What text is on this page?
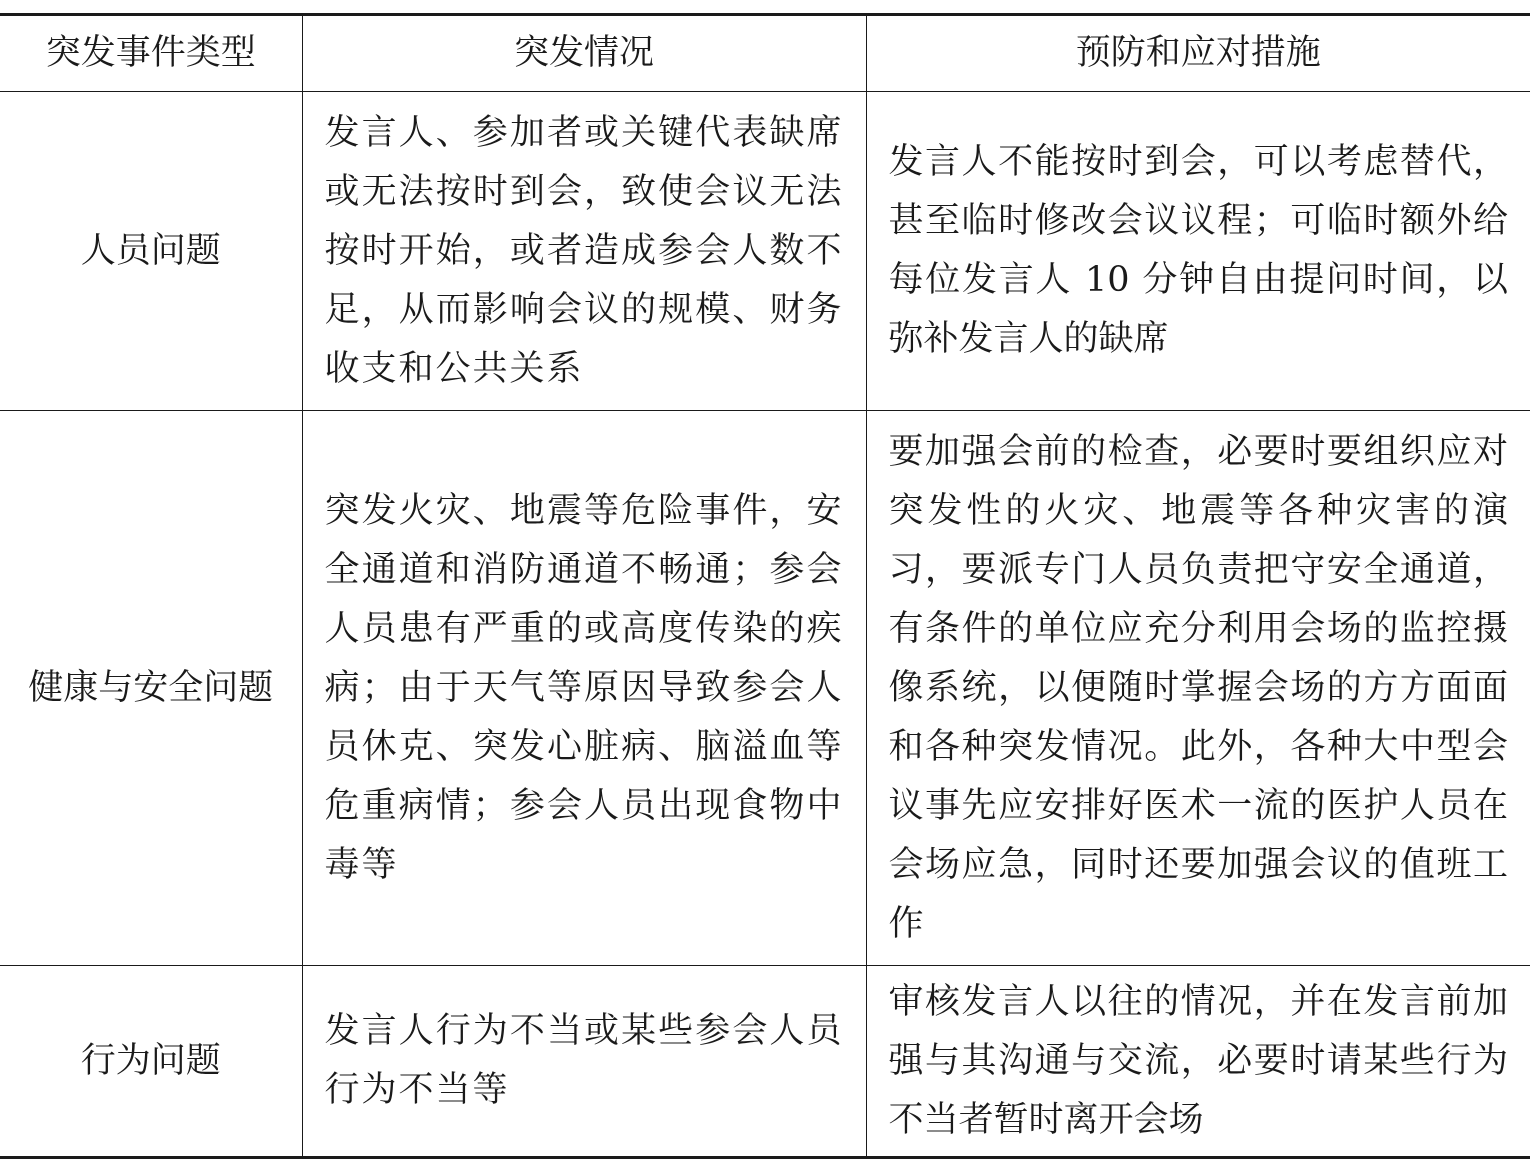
突发事件类型	突发情况	预防和应对措施
人员问题	发言人、参加者或关键代表缺席或无法按时到会，致使会议无法按时开始，或者造成参会人数不足，从而影响会议的规模、财务收支和公共关系	发言人不能按时到会，可以考虑替代，甚至临时修改会议议程；可临时额外给每位发言人 10 分钟自由提问时间，以弥补发言人的缺席
健康与安全问题	突发火灾、地震等危险事件，安全通道和消防通道不畅通；参会人员患有严重的或高度传染的疾病；由于天气等原因导致参会人员休克、突发心脏病、脑溢血等危重病情；参会人员出现食物中毒等	要加强会前的检查，必要时要组织应对突发性的火灾、地震等各种灾害的演习，要派专门人员负责把守安全通道，有条件的单位应充分利用会场的监控摄像系统，以便随时掌握会场的方方面面和各种突发情况。此外，各种大中型会议事先应安排好医术一流的医护人员在会场应急，同时还要加强会议的值班工作
行为问题	发言人行为不当或某些参会人员行为不当等	审核发言人以往的情况，并在发言前加强与其沟通与交流，必要时请某些行为不当者暂时离开会场
